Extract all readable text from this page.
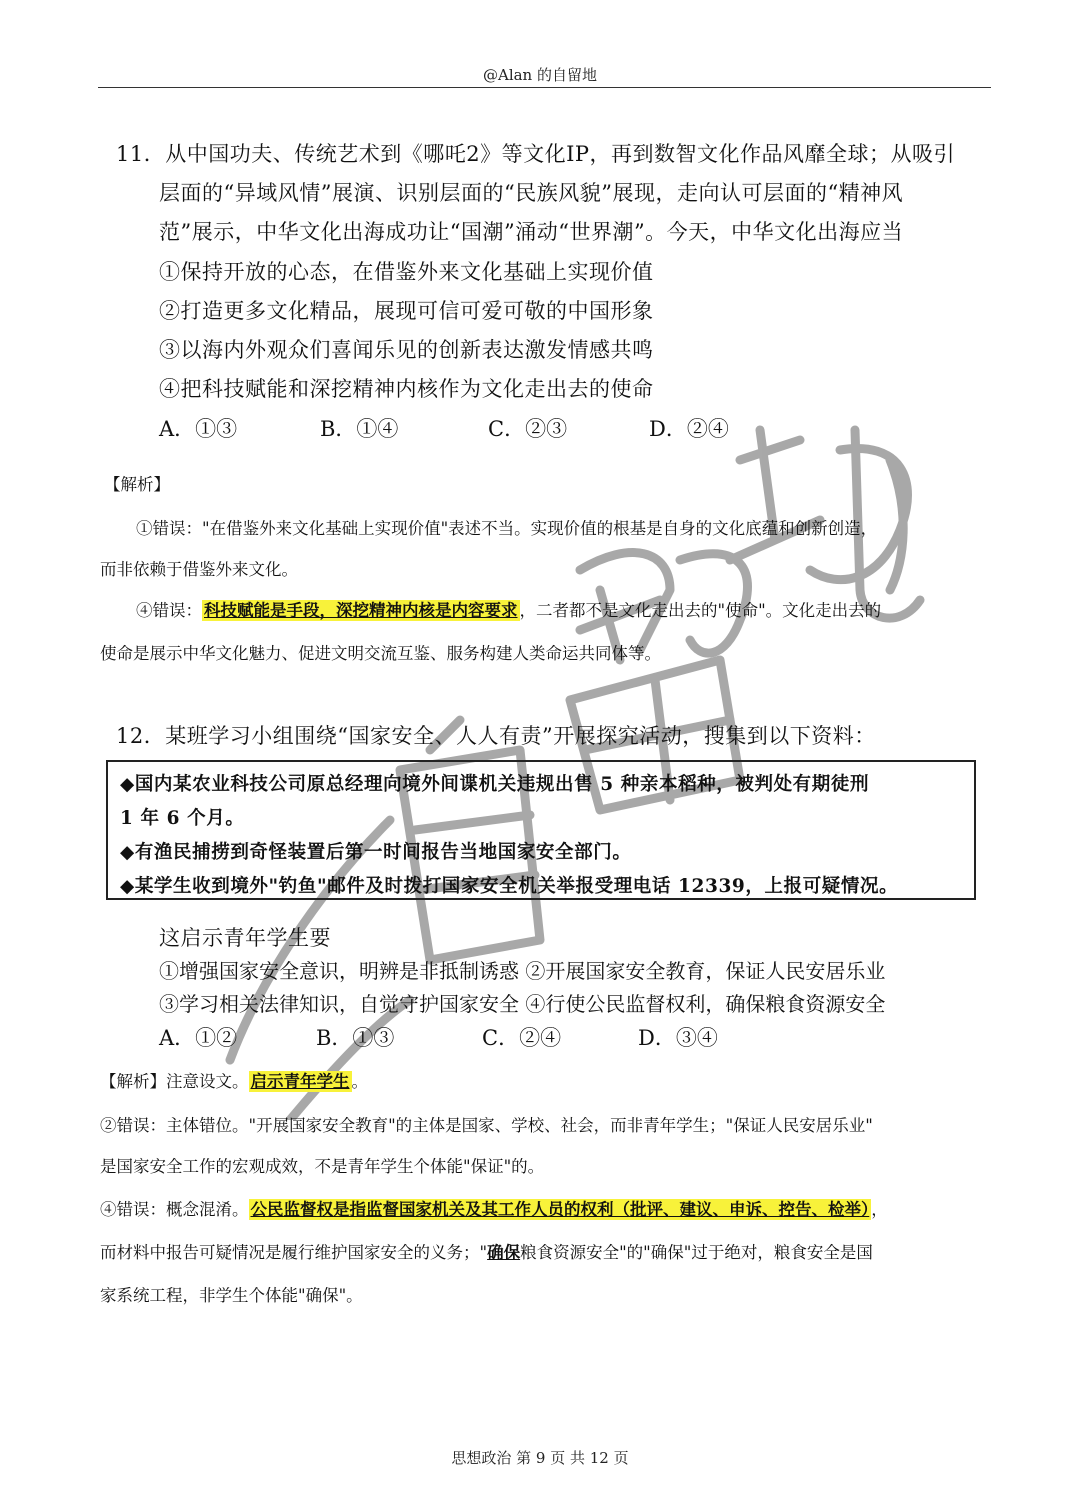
@Alan 的自留地
11．从中国功夫、传统艺术到《哪吒2》等文化IP，再到数智文化作品风靡全球；从吸引
层面的“异域风情”展演、识别层面的“民族风貌”展现，走向认可层面的“精神风
范”展示，中华文化出海成功让“国潮”涌动“世界潮”。今天，中华文化出海应当
①保持开放的心态，在借鉴外来文化基础上实现价值
②打造更多文化精品，展现可信可爱可敬的中国形象
③以海内外观众们喜闻乐见的创新表达激发情感共鸣
④把科技赋能和深挖精神内核作为文化走出去的使命
A．①③	B．①④	C．②③	D．②④
【解析】
①错误："在借鉴外来文化基础上实现价值"表述不当。实现价值的根基是自身的文化底蕴和创新创造，
而非依赖于借鉴外来文化。
④错误： 科技赋能是手段，深挖精神内核是内容要求 ，二者都不是文化走出去的"使命"。文化走出去的
使命是展示中华文化魅力、促进文明交流互鉴、服务构建人类命运共同体等。
12．某班学习小组围绕“国家安全、人人有责”开展探究活动，搜集到以下资料：
◆国内某农业科技公司原总经理向境外间谍机关违规出售 5 种亲本稻种，被判处有期徒刑
1 年 6 个月。
◆有渔民捕捞到奇怪装置后第一时间报告当地国家安全部门。
◆某学生收到境外"钓鱼"邮件及时拨打国家安全机关举报受理电话 12339，上报可疑情况。
这启示青年学生要
①增强国家安全意识，明辨是非抵制诱惑 ②开展国家安全教育，保证人民安居乐业
③学习相关法律知识，自觉守护国家安全 ④行使公民监督权利，确保粮食资源安全
A．①②	B．①③	C．②④	D．③④
【解析】注意设文。 启示青年学生 。
②错误：主体错位。"开展国家安全教育"的主体是国家、学校、社会，而非青年学生；"保证人民安居乐业"
是国家安全工作的宏观成效，不是青年学生个体能"保证"的。
④错误：概念混淆。 公民监督权是指监督国家机关及其工作人员的权利（批评、建议、申诉、控告、检举） ，
而材料中报告可疑情况是履行维护国家安全的义务；"确保粮食资源安全"的"确保"过于绝对，粮食安全是国
家系统工程，非学生个体能"确保"。
思想政治 第 9 页 共 12 页
